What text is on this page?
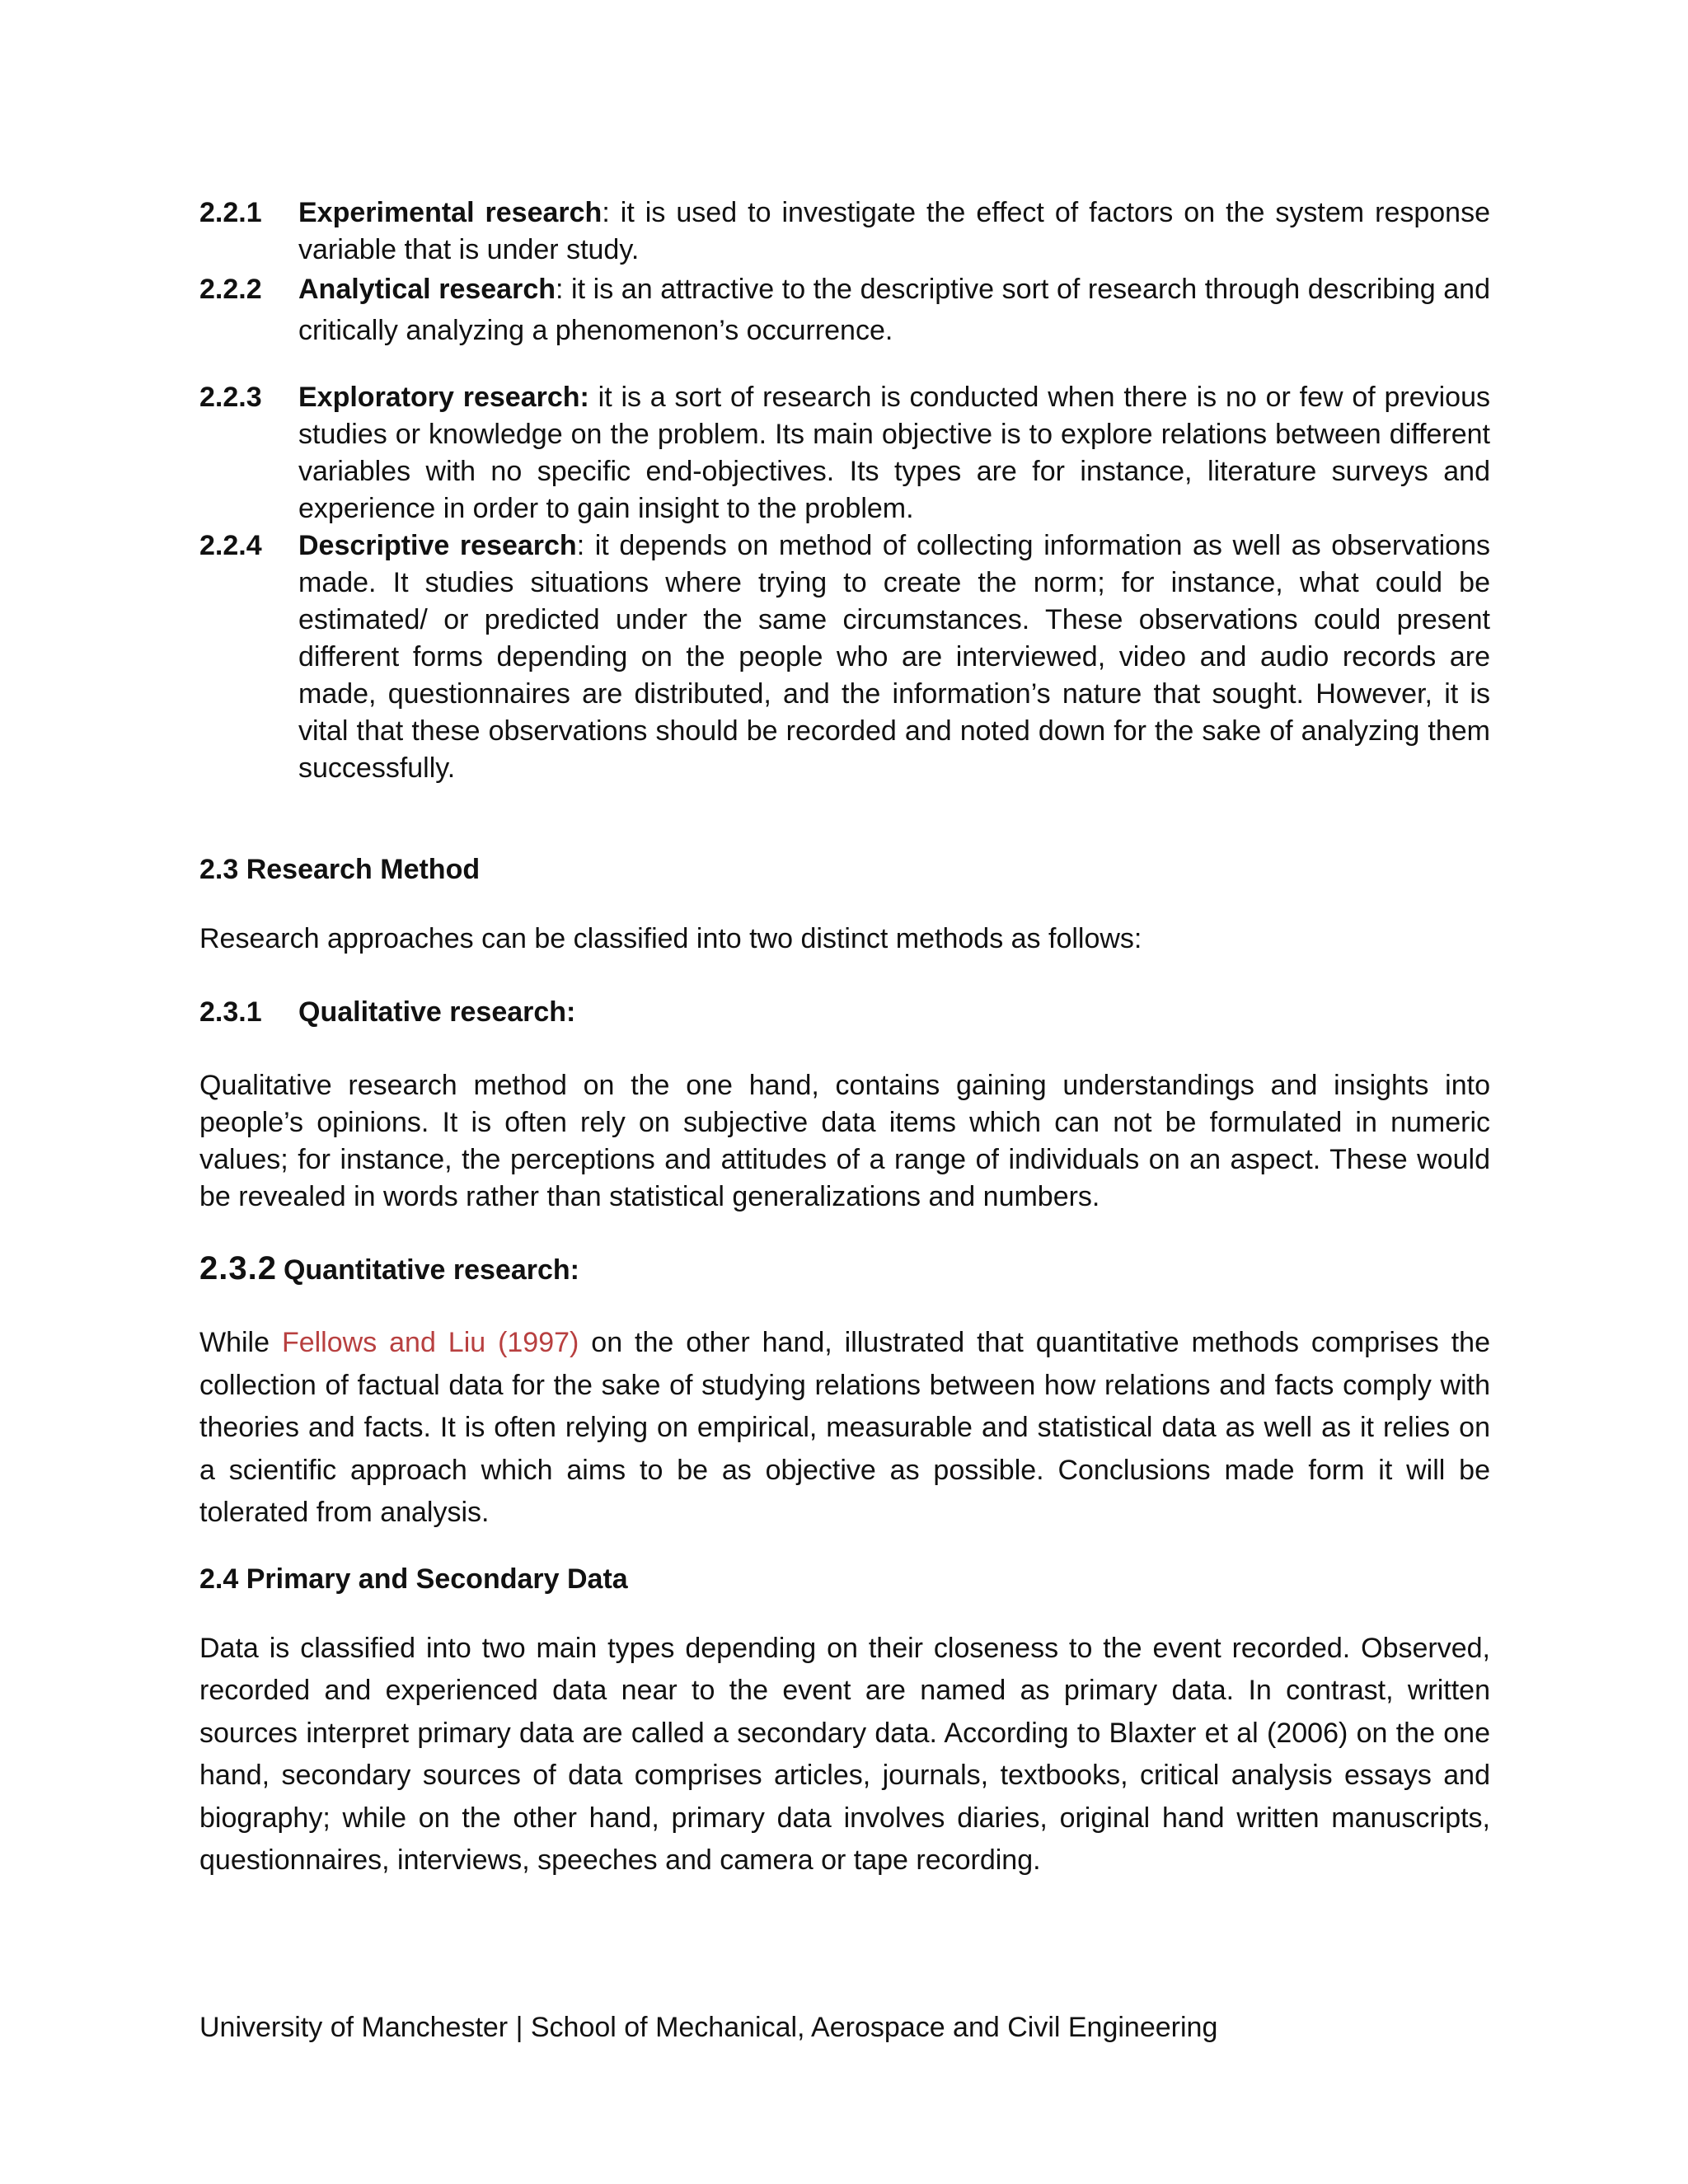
2.2.1	Experimental research: it is used to investigate the effect of factors on the system response variable that is under study.
2.2.2	Analytical research: it is an attractive to the descriptive sort of research through describing and critically analyzing a phenomenon’s occurrence.
2.2.3	Exploratory research: it is a sort of research is conducted when there is no or few of previous studies or knowledge on the problem. Its main objective is to explore relations between different variables with no specific end-objectives. Its types are for instance, literature surveys and experience in order to gain insight to the problem.
2.2.4	Descriptive research: it depends on method of collecting information as well as observations made. It studies situations where trying to create the norm; for instance, what could be estimated/ or predicted under the same circumstances. These observations could present different forms depending on the people who are interviewed, video and audio records are made, questionnaires are distributed, and the information’s nature that sought. However, it is vital that these observations should be recorded and noted down for the sake of analyzing them successfully.
2.3 Research Method

Research approaches can be classified into two distinct methods as follows:

2.3.1	Qualitative research:

Qualitative research method on the one hand, contains gaining understandings and insights into people’s opinions. It is often rely on subjective data items which can not be formulated in numeric values; for instance, the perceptions and attitudes of a range of individuals on an aspect. These would be revealed in words rather than statistical generalizations and numbers.

2.3.2 Quantitative research:

While Fellows and Liu (1997) on the other hand, illustrated that quantitative methods comprises the collection of factual data for the sake of studying relations between how relations and facts comply with theories and facts. It is often relying on empirical, measurable and statistical data as well as it relies on a scientific approach which aims to be as objective as possible. Conclusions made form it will be tolerated from analysis.

2.4 Primary and Secondary Data

Data is classified into two main types depending on their closeness to the event recorded. Observed, recorded and experienced data near to the event are named as primary data. In contrast, written sources interpret primary data are called a secondary data. According to Blaxter et al (2006) on the one hand, secondary sources of data comprises articles, journals, textbooks, critical analysis essays and biography; while on the other hand, primary data involves diaries, original hand written manuscripts, questionnaires, interviews, speeches and camera or tape recording.

University of Manchester | School of Mechanical, Aerospace and Civil Engineering
